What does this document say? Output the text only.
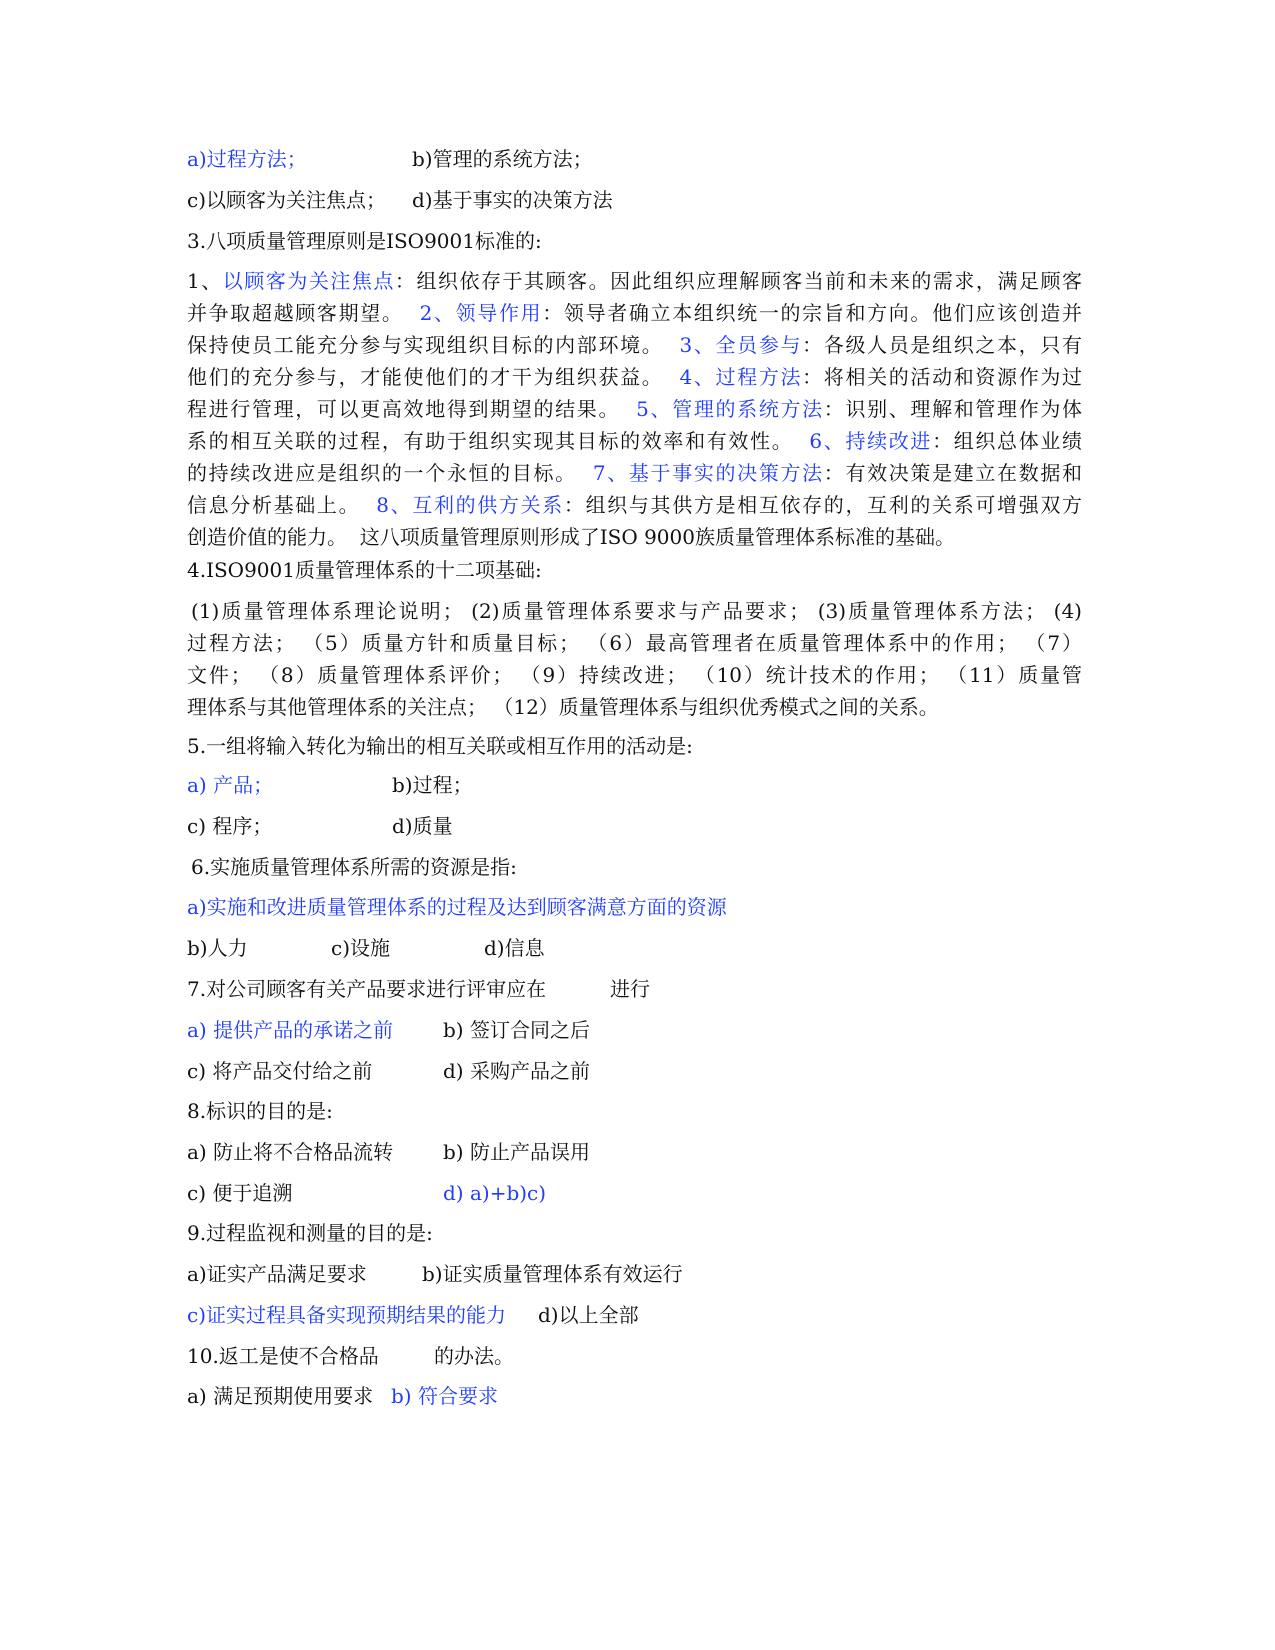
a)过程方法；	b)管理的系统方法；
c)以顾客为关注焦点； d)基于事实的决策方法
3.八项质量管理原则是ISO9001标准的:
1、以顾客为关注焦点：组织依存于其顾客。因此组织应理解顾客当前和未来的需求，满足顾客
并争取超越顾客期望。 2、领导作用：领导者确立本组织统一的宗旨和方向。他们应该创造并
保持使员工能充分参与实现组织目标的内部环境。 3、全员参与：各级人员是组织之本，只有
他们的充分参与，才能使他们的才干为组织获益。 4、过程方法：将相关的活动和资源作为过
程进行管理，可以更高效地得到期望的结果。 5、管理的系统方法：识别、理解和管理作为体
系的相互关联的过程，有助于组织实现其目标的效率和有效性。 6、持续改进：组织总体业绩
的持续改进应是组织的一个永恒的目标。 7、基于事实的决策方法：有效决策是建立在数据和
信息分析基础上。 8、互利的供方关系：组织与其供方是相互依存的，互利的关系可增强双方
创造价值的能力。 这八项质量管理原则形成了ISO 9000族质量管理体系标准的基础。
4.ISO9001质量管理体系的十二项基础:
(1)质量管理体系理论说明； (2)质量管理体系要求与产品要求； (3)质量管理体系方法； (4)
过程方法； （5）质量方针和质量目标； （6）最高管理者在质量管理体系中的作用； （7）
文件； （8）质量管理体系评价； （9）持续改进； （10）统计技术的作用； （11）质量管
理体系与其他管理体系的关注点； （12）质量管理体系与组织优秀模式之间的关系。
5.一组将输入转化为输出的相互关联或相互作用的活动是:
a) 产品；	b)过程；
c) 程序；	d)质量
6.实施质量管理体系所需的资源是指:
a)实施和改进质量管理体系的过程及达到顾客满意方面的资源
b)人力	c)设施	d)信息
7.对公司顾客有关产品要求进行评审应在	进行
a) 提供产品的承诺之前 b) 签订合同之后
c) 将产品交付给之前	d) 采购产品之前
8.标识的目的是:
a) 防止将不合格品流转 b) 防止产品误用
c) 便于追溯	d) a)+b)c)
9.过程监视和测量的目的是:
a)证实产品满足要求	b)证实质量管理体系有效运行
c)证实过程具备实现预期结果的能力 d)以上全部
10.返工是使不合格品	的办法。
a) 满足预期使用要求 b) 符合要求
